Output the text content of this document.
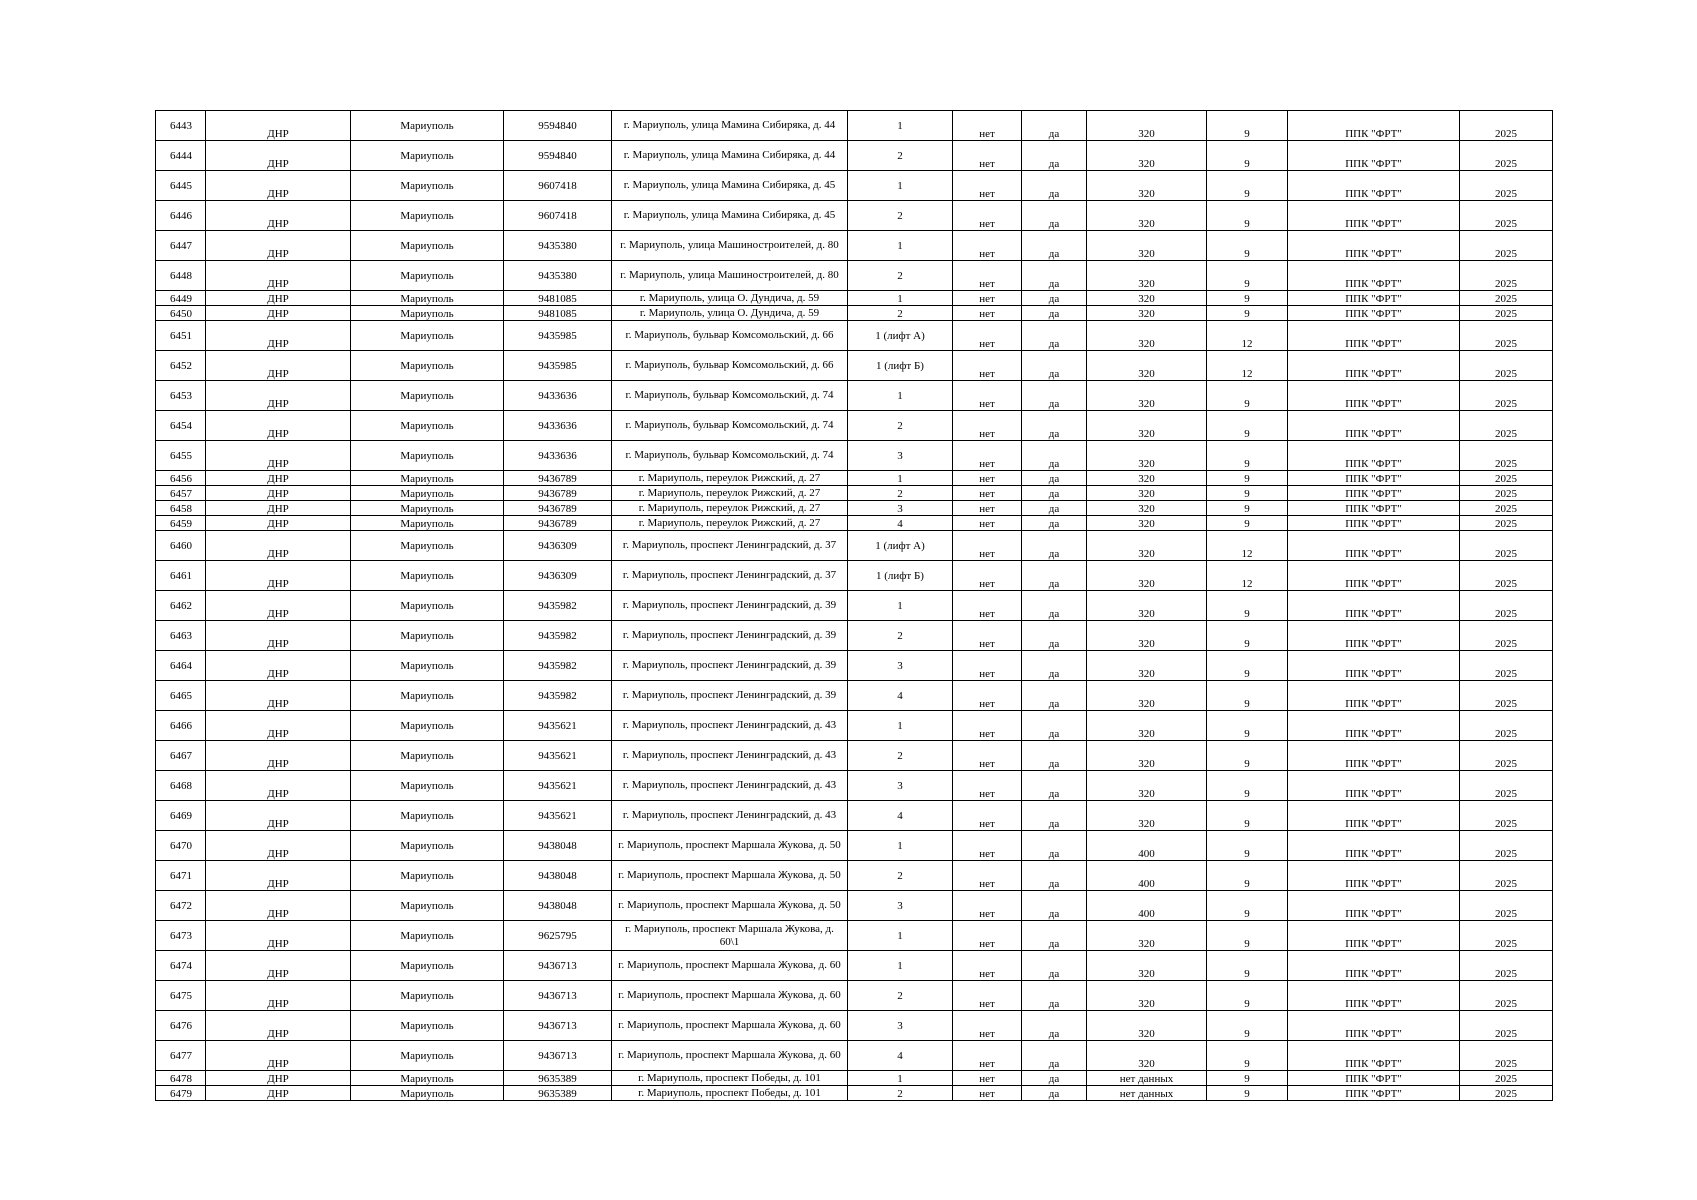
6443	ДНР	Мариуполь	9594840	г. Мариуполь, улица Мамина Сибиряка, д. 44	1	нет	да	320	9	ППК "ФРТ"	2025
6444	ДНР	Мариуполь	9594840	г. Мариуполь, улица Мамина Сибиряка, д. 44	2	нет	да	320	9	ППК "ФРТ"	2025
6445	ДНР	Мариуполь	9607418	г. Мариуполь, улица Мамина Сибиряка, д. 45	1	нет	да	320	9	ППК "ФРТ"	2025
6446	ДНР	Мариуполь	9607418	г. Мариуполь, улица Мамина Сибиряка, д. 45	2	нет	да	320	9	ППК "ФРТ"	2025
6447	ДНР	Мариуполь	9435380	г. Мариуполь, улица Машиностроителей, д. 80	1	нет	да	320	9	ППК "ФРТ"	2025
6448	ДНР	Мариуполь	9435380	г. Мариуполь, улица Машиностроителей, д. 80	2	нет	да	320	9	ППК "ФРТ"	2025
6449	ДНР	Мариуполь	9481085	г. Мариуполь, улица О. Дундича, д. 59	1	нет	да	320	9	ППК "ФРТ"	2025
6450	ДНР	Мариуполь	9481085	г. Мариуполь, улица О. Дундича, д. 59	2	нет	да	320	9	ППК "ФРТ"	2025
6451	ДНР	Мариуполь	9435985	г. Мариуполь, бульвар Комсомольский, д. 66	1 (лифт А)	нет	да	320	12	ППК "ФРТ"	2025
6452	ДНР	Мариуполь	9435985	г. Мариуполь, бульвар Комсомольский, д. 66	1 (лифт Б)	нет	да	320	12	ППК "ФРТ"	2025
6453	ДНР	Мариуполь	9433636	г. Мариуполь, бульвар Комсомольский, д. 74	1	нет	да	320	9	ППК "ФРТ"	2025
6454	ДНР	Мариуполь	9433636	г. Мариуполь, бульвар Комсомольский, д. 74	2	нет	да	320	9	ППК "ФРТ"	2025
6455	ДНР	Мариуполь	9433636	г. Мариуполь, бульвар Комсомольский, д. 74	3	нет	да	320	9	ППК "ФРТ"	2025
6456	ДНР	Мариуполь	9436789	г. Мариуполь, переулок Рижский, д. 27	1	нет	да	320	9	ППК "ФРТ"	2025
6457	ДНР	Мариуполь	9436789	г. Мариуполь, переулок Рижский, д. 27	2	нет	да	320	9	ППК "ФРТ"	2025
6458	ДНР	Мариуполь	9436789	г. Мариуполь, переулок Рижский, д. 27	3	нет	да	320	9	ППК "ФРТ"	2025
6459	ДНР	Мариуполь	9436789	г. Мариуполь, переулок Рижский, д. 27	4	нет	да	320	9	ППК "ФРТ"	2025
6460	ДНР	Мариуполь	9436309	г. Мариуполь, проспект Ленинградский, д. 37	1 (лифт А)	нет	да	320	12	ППК "ФРТ"	2025
6461	ДНР	Мариуполь	9436309	г. Мариуполь, проспект Ленинградский, д. 37	1 (лифт Б)	нет	да	320	12	ППК "ФРТ"	2025
6462	ДНР	Мариуполь	9435982	г. Мариуполь, проспект Ленинградский, д. 39	1	нет	да	320	9	ППК "ФРТ"	2025
6463	ДНР	Мариуполь	9435982	г. Мариуполь, проспект Ленинградский, д. 39	2	нет	да	320	9	ППК "ФРТ"	2025
6464	ДНР	Мариуполь	9435982	г. Мариуполь, проспект Ленинградский, д. 39	3	нет	да	320	9	ППК "ФРТ"	2025
6465	ДНР	Мариуполь	9435982	г. Мариуполь, проспект Ленинградский, д. 39	4	нет	да	320	9	ППК "ФРТ"	2025
6466	ДНР	Мариуполь	9435621	г. Мариуполь, проспект Ленинградский, д. 43	1	нет	да	320	9	ППК "ФРТ"	2025
6467	ДНР	Мариуполь	9435621	г. Мариуполь, проспект Ленинградский, д. 43	2	нет	да	320	9	ППК "ФРТ"	2025
6468	ДНР	Мариуполь	9435621	г. Мариуполь, проспект Ленинградский, д. 43	3	нет	да	320	9	ППК "ФРТ"	2025
6469	ДНР	Мариуполь	9435621	г. Мариуполь, проспект Ленинградский, д. 43	4	нет	да	320	9	ППК "ФРТ"	2025
6470	ДНР	Мариуполь	9438048	г. Мариуполь, проспект Маршала Жукова, д. 50	1	нет	да	400	9	ППК "ФРТ"	2025
6471	ДНР	Мариуполь	9438048	г. Мариуполь, проспект Маршала Жукова, д. 50	2	нет	да	400	9	ППК "ФРТ"	2025
6472	ДНР	Мариуполь	9438048	г. Мариуполь, проспект Маршала Жукова, д. 50	3	нет	да	400	9	ППК "ФРТ"	2025
6473	ДНР	Мариуполь	9625795	г. Мариуполь, проспект Маршала Жукова, д. 60\1	1	нет	да	320	9	ППК "ФРТ"	2025
6474	ДНР	Мариуполь	9436713	г. Мариуполь, проспект Маршала Жукова, д. 60	1	нет	да	320	9	ППК "ФРТ"	2025
6475	ДНР	Мариуполь	9436713	г. Мариуполь, проспект Маршала Жукова, д. 60	2	нет	да	320	9	ППК "ФРТ"	2025
6476	ДНР	Мариуполь	9436713	г. Мариуполь, проспект Маршала Жукова, д. 60	3	нет	да	320	9	ППК "ФРТ"	2025
6477	ДНР	Мариуполь	9436713	г. Мариуполь, проспект Маршала Жукова, д. 60	4	нет	да	320	9	ППК "ФРТ"	2025
6478	ДНР	Мариуполь	9635389	г. Мариуполь, проспект Победы, д. 101	1	нет	да	нет данных	9	ППК "ФРТ"	2025
6479	ДНР	Мариуполь	9635389	г. Мариуполь, проспект Победы, д. 101	2	нет	да	нет данных	9	ППК "ФРТ"	2025
